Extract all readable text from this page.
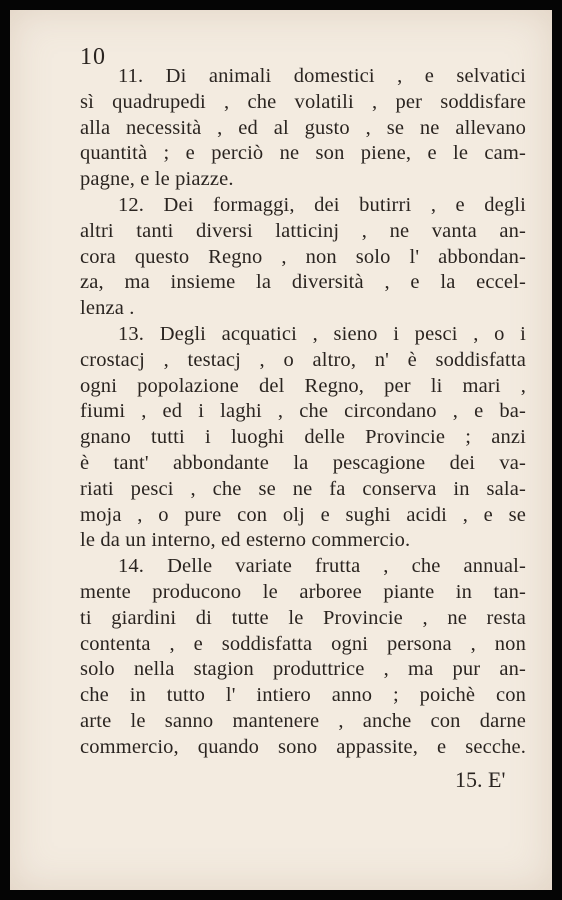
10
11. Di animali domestici , e selvatici
sì quadrupedi , che volatili , per soddisfare
alla necessità , ed al gusto , se ne allevano
quantità ; e perciò ne son piene, e le cam-
pagne, e le piazze.
12. Dei formaggi, dei butirri , e degli
altri tanti diversi latticinj , ne vanta an-
cora questo Regno , non solo l' abbondan-
za, ma insieme la diversità , e la eccel-
lenza .
13. Degli acquatici , sieno i pesci , o i
crostacj , testacj , o altro, n' è soddisfatta
ogni popolazione del Regno, per li mari ,
fiumi , ed i laghi , che circondano , e ba-
gnano tutti i luoghi delle Provincie ; anzi
è tant' abbondante la pescagione dei va-
riati pesci , che se ne fa conserva in sala-
moja , o pure con olj e sughi acidi , e se
le da un interno, ed esterno commercio.
14. Delle variate frutta , che annual-
mente producono le arboree piante in tan-
ti giardini di tutte le Provincie , ne resta
contenta , e soddisfatta ogni persona , non
solo nella stagion produttrice , ma pur an-
che in tutto l' intiero anno ; poichè con
arte le sanno mantenere , anche con darne
commercio, quando sono appassite, e secche.
15. E'
